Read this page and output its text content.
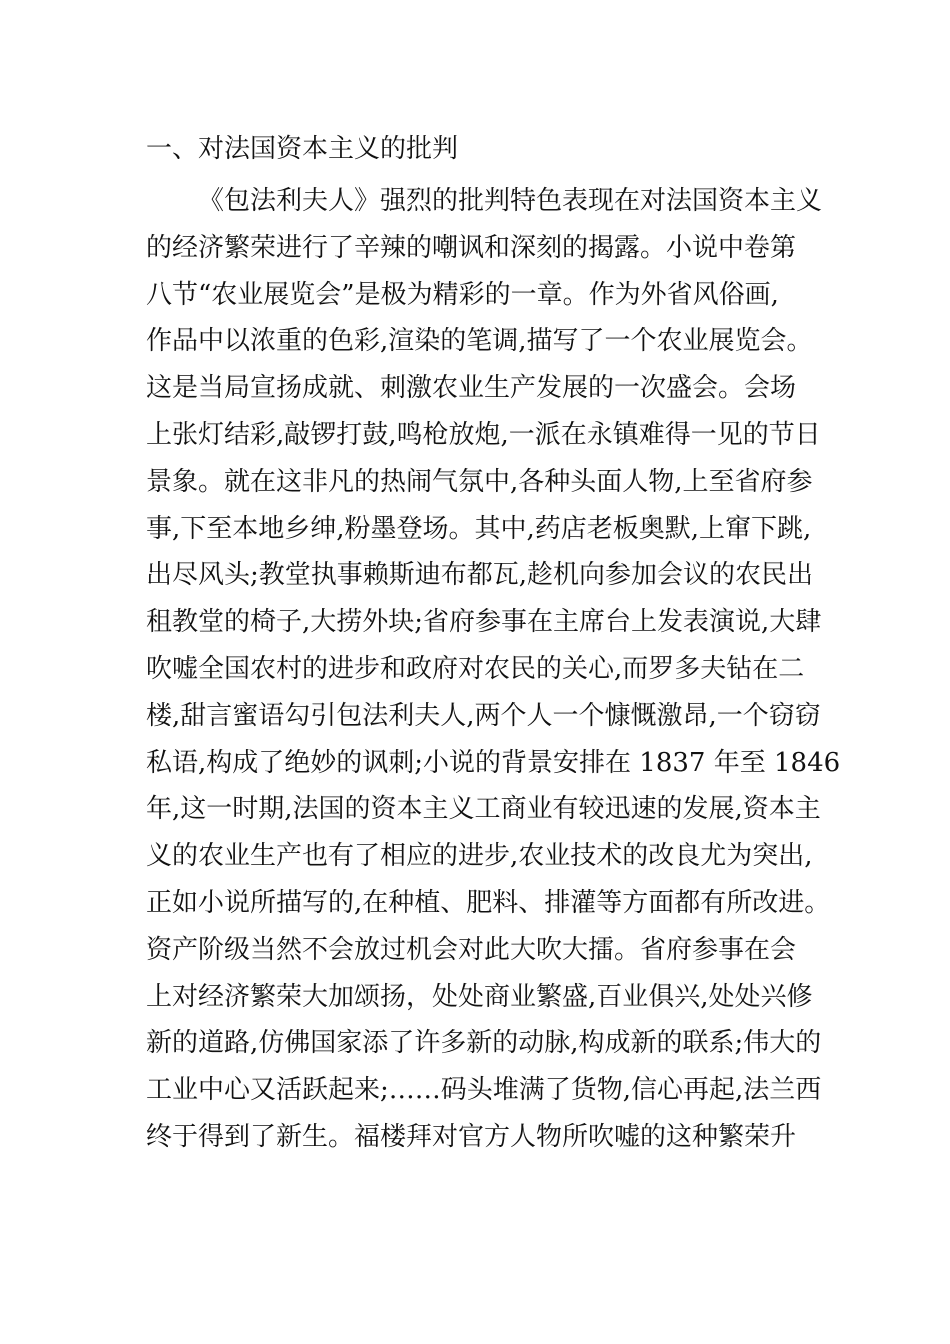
一、对法国资本主义的批判
《包法利夫人》强烈的批判特色表现在对法国资本主义
的经济繁荣进行了辛辣的嘲讽和深刻的揭露。小说中卷第
八节“农业展览会”是极为精彩的一章。作为外省风俗画,
作品中以浓重的色彩,渲染的笔调,描写了一个农业展览会。
这是当局宣扬成就、刺激农业生产发展的一次盛会。会场
上张灯结彩,敲锣打鼓,鸣枪放炮,一派在永镇难得一见的节日
景象。就在这非凡的热闹气氛中,各种头面人物,上至省府参
事,下至本地乡绅,粉墨登场。其中,药店老板奥默,上窜下跳,
出尽风头;教堂执事赖斯迪布都瓦,趁机向参加会议的农民出
租教堂的椅子,大捞外块;省府参事在主席台上发表演说,大肆
吹嘘全国农村的进步和政府对农民的关心,而罗多夫钻在二
楼,甜言蜜语勾引包法利夫人,两个人一个慷慨激昂,一个窃窃
私语,构成了绝妙的讽刺;小说的背景安排在 1837 年至 1846
年,这一时期,法国的资本主义工商业有较迅速的发展,资本主
义的农业生产也有了相应的进步,农业技术的改良尤为突出,
正如小说所描写的,在种植、肥料、排灌等方面都有所改进。
资产阶级当然不会放过机会对此大吹大擂。省府参事在会
上对经济繁荣大加颂扬，处处商业繁盛,百业俱兴,处处兴修
新的道路,仿佛国家添了许多新的动脉,构成新的联系;伟大的
工业中心又活跃起来;……码头堆满了货物,信心再起,法兰西
终于得到了新生。福楼拜对官方人物所吹嘘的这种繁荣升
